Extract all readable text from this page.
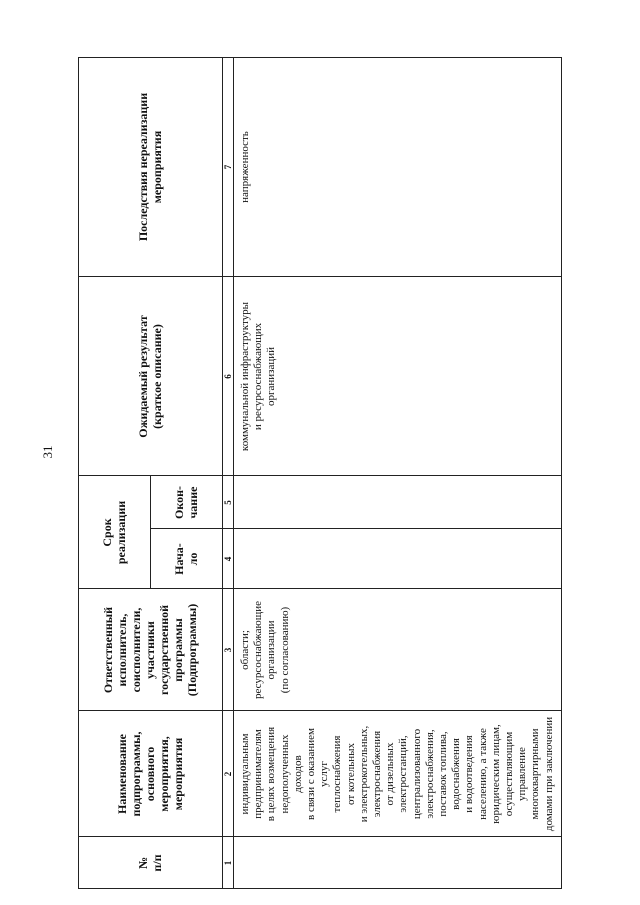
31
№
п/п
Наименование
подпрограммы,
основного мероприятия,
мероприятия
Ответственный
исполнитель,
соисполнители,
участники
государственной
программы
(Подпрограммы)
Срок
реализации	Нача-
ло
Окон-
чание
Ожидаемый результат
(краткое описание)
Последствия нереализации
мероприятия
1
2
3
4
5
6
7
индивидуальным
предпринимателям
в целях возмещения
недополученных доходов
в связи с оказанием услуг
теплоснабжения
от котельных
и электрокотельных,
электроснабжения
от дизельных
электростанций,
централизованного
электроснабжения,
поставок топлива,
водоснабжения
и водоотведения
населению, а также
юридическим лицам,
осуществляющим
управление
многоквартирными
домами при заключении
области;
ресурсоснабжающие
организации
(по согласованию)
коммунальной инфраструктуры
и ресурсоснабжающих
организаций
напряженность
